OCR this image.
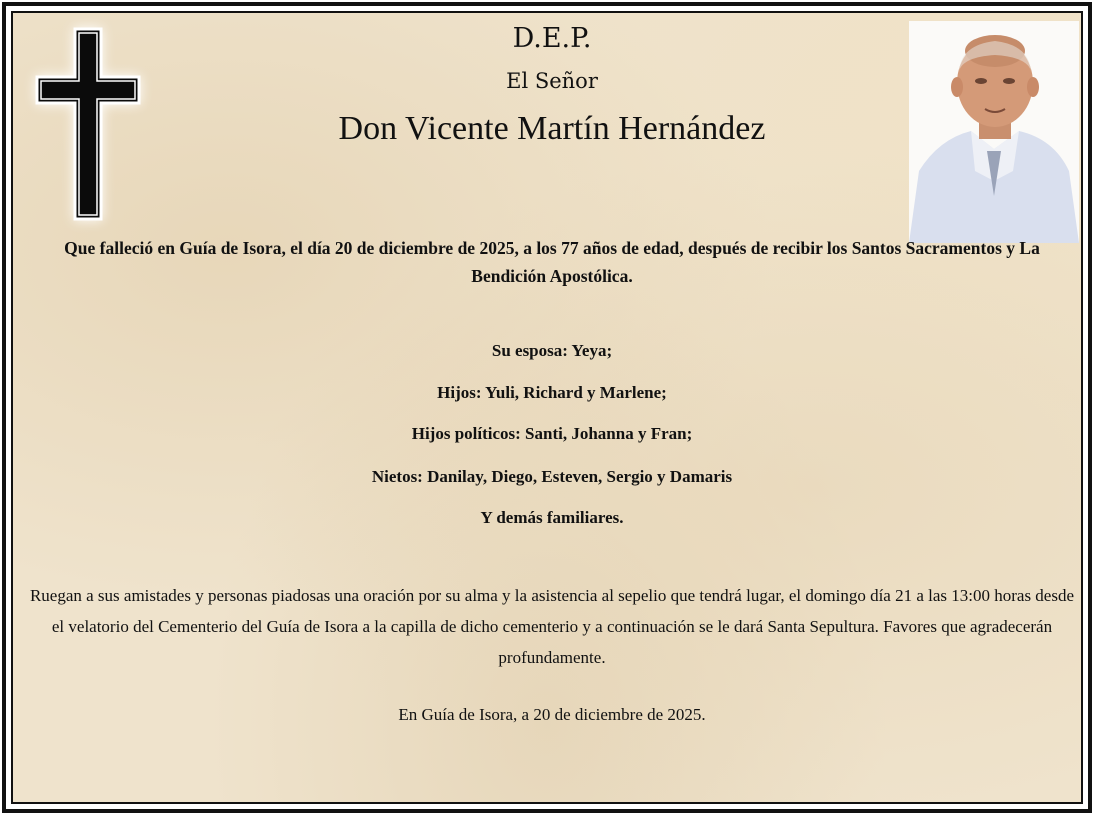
D.E.P.
El Señor
Don Vicente Martín Hernández
Que falleció en Guía de Isora, el día 20 de diciembre de 2025, a los 77 años de edad, después de recibir los Santos Sacramentos y La Bendición Apostólica.
Su esposa: Yeya;
Hijos: Yuli, Richard y Marlene;
Hijos políticos: Santi, Johanna y Fran;
Nietos: Danilay, Diego, Esteven, Sergio y Damaris
Y demás familiares.
Ruegan a sus amistades y personas piadosas una oración por su alma y la asistencia al sepelio que tendrá lugar, el domingo día 21 a las 13:00 horas desde el velatorio del Cementerio del Guía de Isora a la capilla de dicho cementerio y a continuación se le dará Santa Sepultura. Favores que agradecerán profundamente.
En Guía de Isora, a 20 de diciembre de 2025.
